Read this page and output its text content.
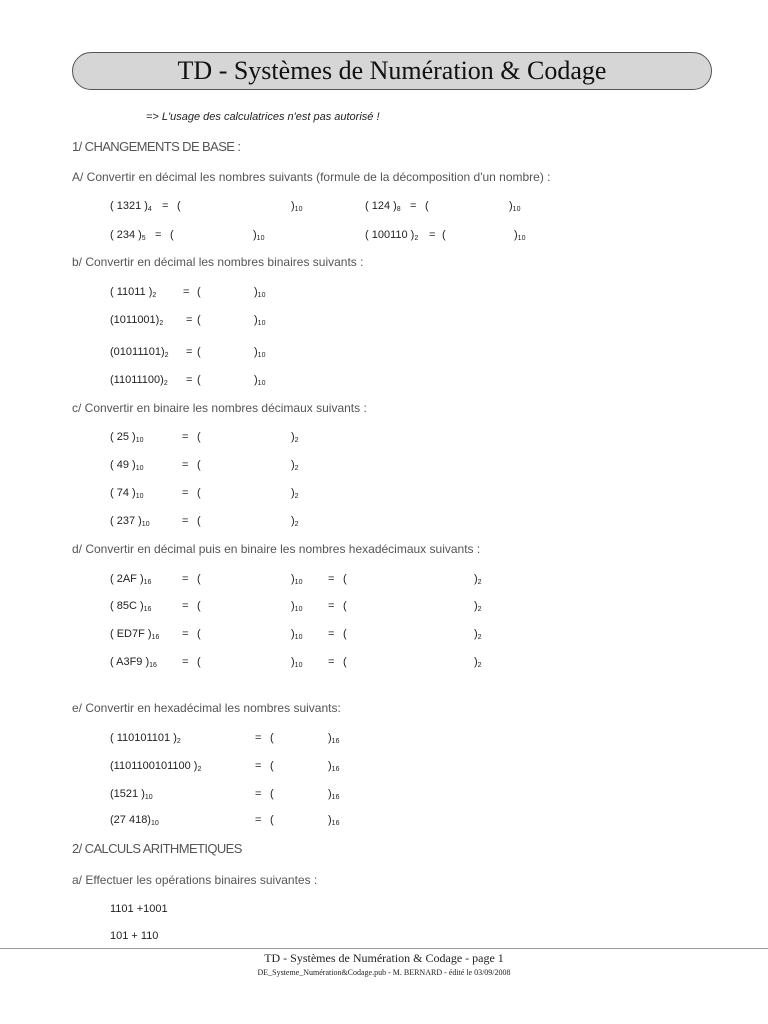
TD - Systèmes de Numération & Codage
=> L'usage des calculatrices n'est pas autorisé !
1/ CHANGEMENTS DE BASE :
A/ Convertir en décimal les nombres suivants (formule de la décomposition d'un nombre) :
( 1321 )$_4$ = (	)$_{10}$	( 124 )$_8$ = (	)$_{10}$
( 234 )$_5$ = (	)$_{10}$	( 100110 )$_2$ = (	)$_{10}$
b/ Convertir en décimal les nombres binaires suivants :
( 11011 )$_2$ = (	)$_{10}$
$(1011001)_2$ = (	)$_{10}$
$(01011101)_2$ = (	)$_{10}$
$(11011100)_2$ = (	)$_{10}$
c/ Convertir en binaire les nombres décimaux suivants :
( 25 )$_{10}$	= (	)$_2$
( 49 )$_{10}$	= (	)$_2$
( 74 )$_{10}$	= (	)$_2$
( 237 )$_{10}$	= (	)$_2$
d/ Convertir en décimal puis en binaire les nombres hexadécimaux suivants :
( 2AF )$_{16}$	= (	)$_{10}$ = (	)$_2$
( 85C )$_{16}$	= (	)$_{10}$ = (	)$_2$
( ED7F )$_{16}$ = (	)$_{10}$ = (	)$_2$
( A3F9 )$_{16}$ = (	)$_{10}$ = (	)$_2$
e/ Convertir en hexadécimal les nombres suivants:
( 110101101 )$_2$	= (	)$_{16}$
(1101100101100 )$_2$	= (	)$_{16}$
(1521 )$_{10}$	= (	)$_{16}$
(27 $418)_{10}$	= (	)$_{16}$
2/ CALCULS ARITHMETIQUES
a/ Effectuer les opérations binaires suivantes :
1101 +1001
101 + 110
TD - Systèmes de Numération & Codage - page 1
DE_Systeme_Numération&Codage.pub - M. BERNARD - édité le 03/09/2008
